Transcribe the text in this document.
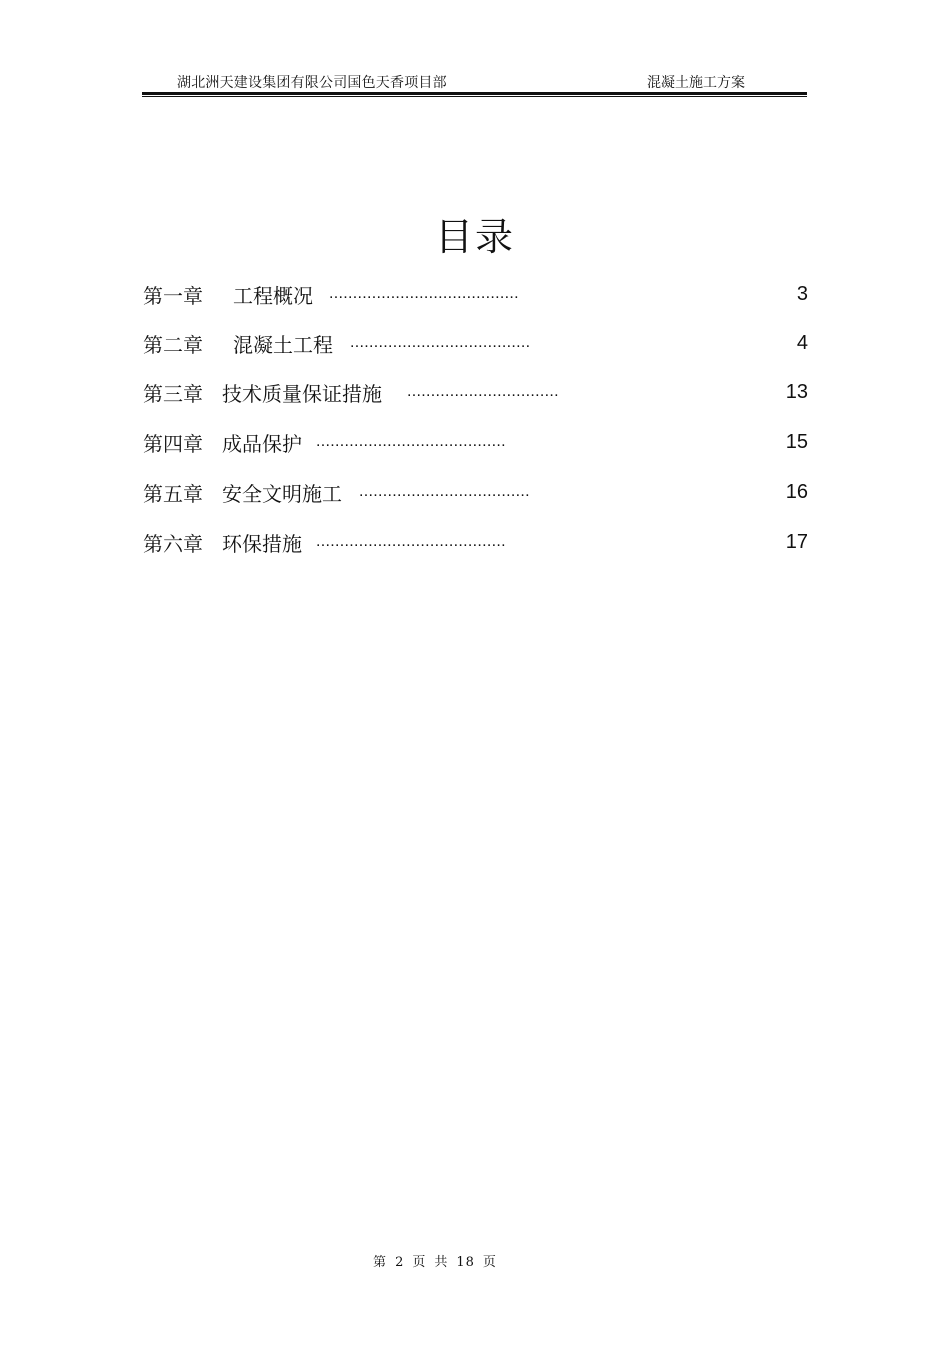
湖北洲天建设集团有限公司国色天香项目部	混凝土施工方案
目录
第一章 工程概况 ........................................	3
第二章 混凝土工程 ......................................	4
第三章 技术质量保证措施 ................................	13
第四章 成品保护 ........................................	15
第五章 安全文明施工 ....................................	16
第六章 环保措施 ........................................	17
第 2 页 共 18 页
